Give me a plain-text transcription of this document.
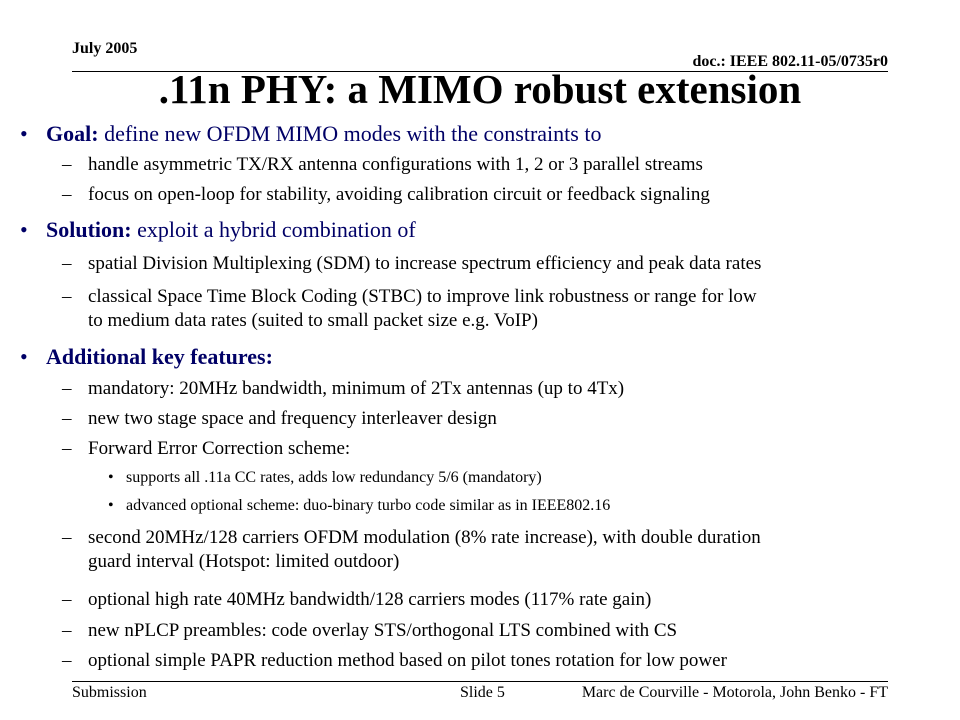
July 2005
doc.: IEEE 802.11-05/0735r0
.11n PHY: a MIMO robust extension
• Goal: define new OFDM MIMO modes with the constraints to
– handle asymmetric TX/RX antenna configurations with 1, 2 or 3 parallel streams
– focus on open-loop for stability, avoiding calibration circuit or feedback signaling
• Solution: exploit a hybrid combination of
– spatial Division Multiplexing (SDM) to increase spectrum efficiency and peak data rates
– classical Space Time Block Coding (STBC) to improve link robustness or range for low
to medium data rates (suited to small packet size e.g. VoIP)
• Additional key features:
– mandatory: 20MHz bandwidth, minimum of 2Tx antennas (up to 4Tx)
– new two stage space and frequency interleaver design
– Forward Error Correction scheme:
• supports all .11a CC rates, adds low redundancy 5/6 (mandatory)
• advanced optional scheme: duo-binary turbo code similar as in IEEE802.16
– second 20MHz/128 carriers OFDM modulation (8% rate increase), with double duration
guard interval (Hotspot: limited outdoor)
– optional high rate 40MHz bandwidth/128 carriers modes (117% rate gain)
– new nPLCP preambles: code overlay STS/orthogonal LTS combined with CS
– optional simple PAPR reduction method based on pilot tones rotation for low power
Submission	Slide 5	Marc de Courville - Motorola, John Benko - FT
